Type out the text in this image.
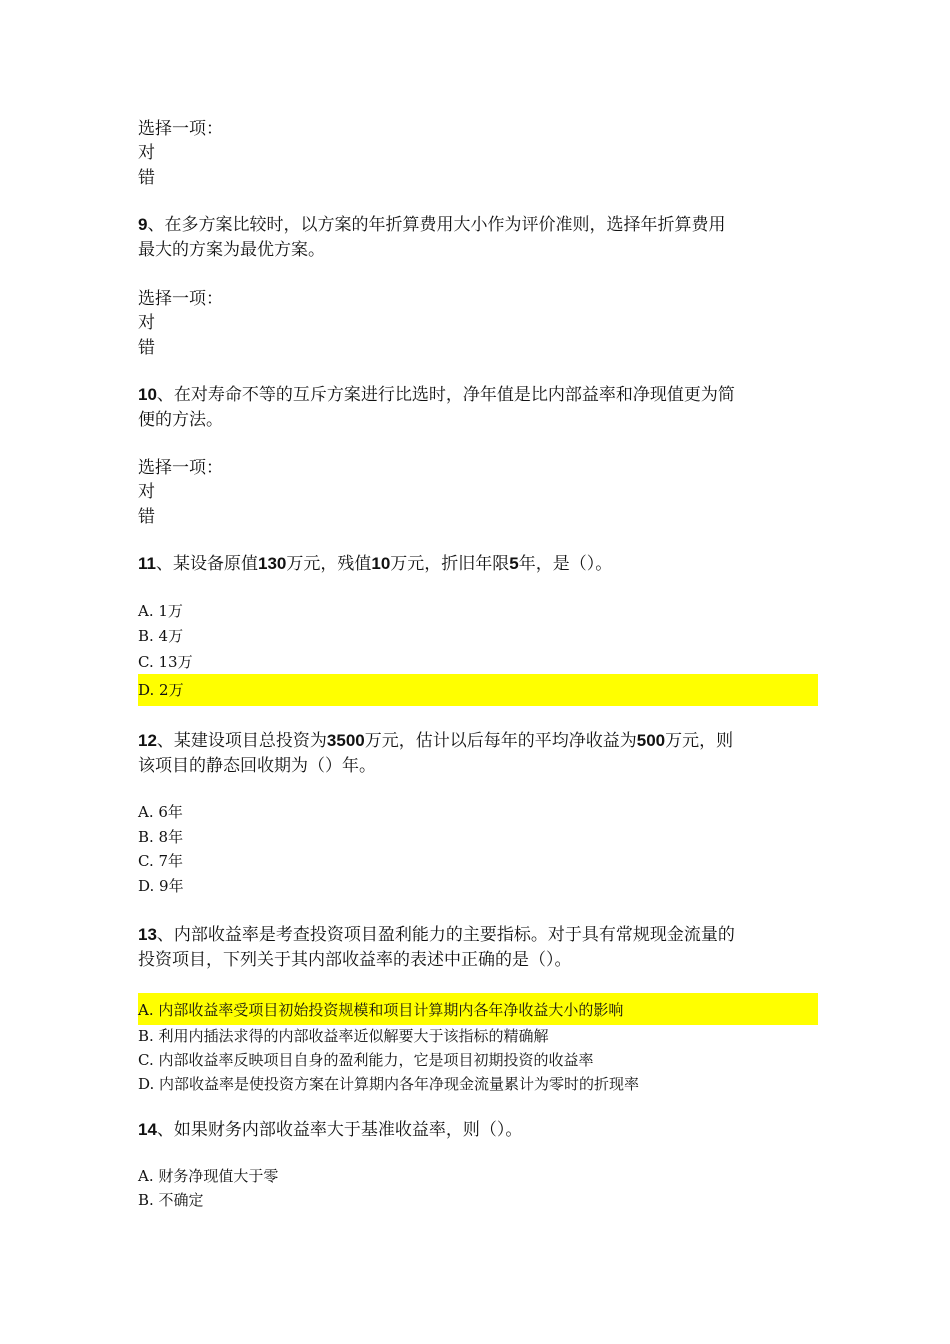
选择一项：
对
错
9、在多方案比较时，以方案的年折算费用大小作为评价准则，选择年折算费用
最大的方案为最优方案。
选择一项：
对
错
10、在对寿命不等的互斥方案进行比选时，净年值是比内部益率和净现值更为简
便的方法。
选择一项：
对
错
11、某设备原值130万元，残值10万元，折旧年限5年，是（）。
A. 1万
B. 4万
C. 13万
D. 2万
12、某建设项目总投资为3500万元，估计以后每年的平均净收益为500万元，则
该项目的静态回收期为（）年。
A. 6年
B. 8年
C. 7年
D. 9年
13、内部收益率是考查投资项目盈利能力的主要指标。对于具有常规现金流量的
投资项目，下列关于其内部收益率的表述中正确的是（）。
A. 内部收益率受项目初始投资规模和项目计算期内各年净收益大小的影响
B. 利用内插法求得的内部收益率近似解要大于该指标的精确解
C. 内部收益率反映项目自身的盈利能力，它是项目初期投资的收益率
D. 内部收益率是使投资方案在计算期内各年净现金流量累计为零时的折现率
14、如果财务内部收益率大于基准收益率，则（）。
A. 财务净现值大于零
B. 不确定
